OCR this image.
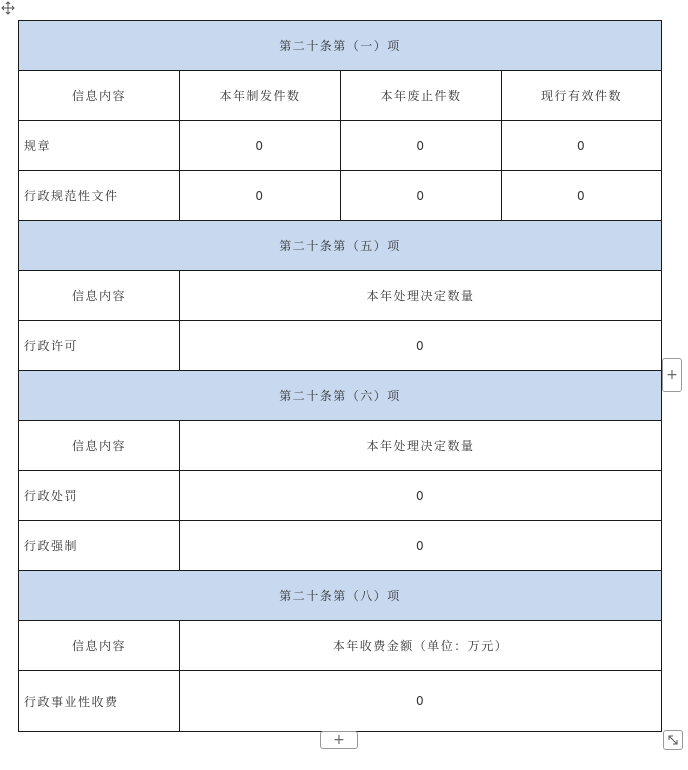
第二十条第（一）项			
信息内容	本年制发件数	本年废止件数	现行有效件数
规章	0	0	0
行政规范性文件	0	0	0
第二十条第（五）项			
信息内容	本年处理决定数量		
行政许可	0		
第二十条第（六）项			
信息内容	本年处理决定数量		
行政处罚	0		
行政强制	0		
第二十条第（八）项			
信息内容	本年收费金额（单位：万元）		
行政事业性收费	0		
+
+
